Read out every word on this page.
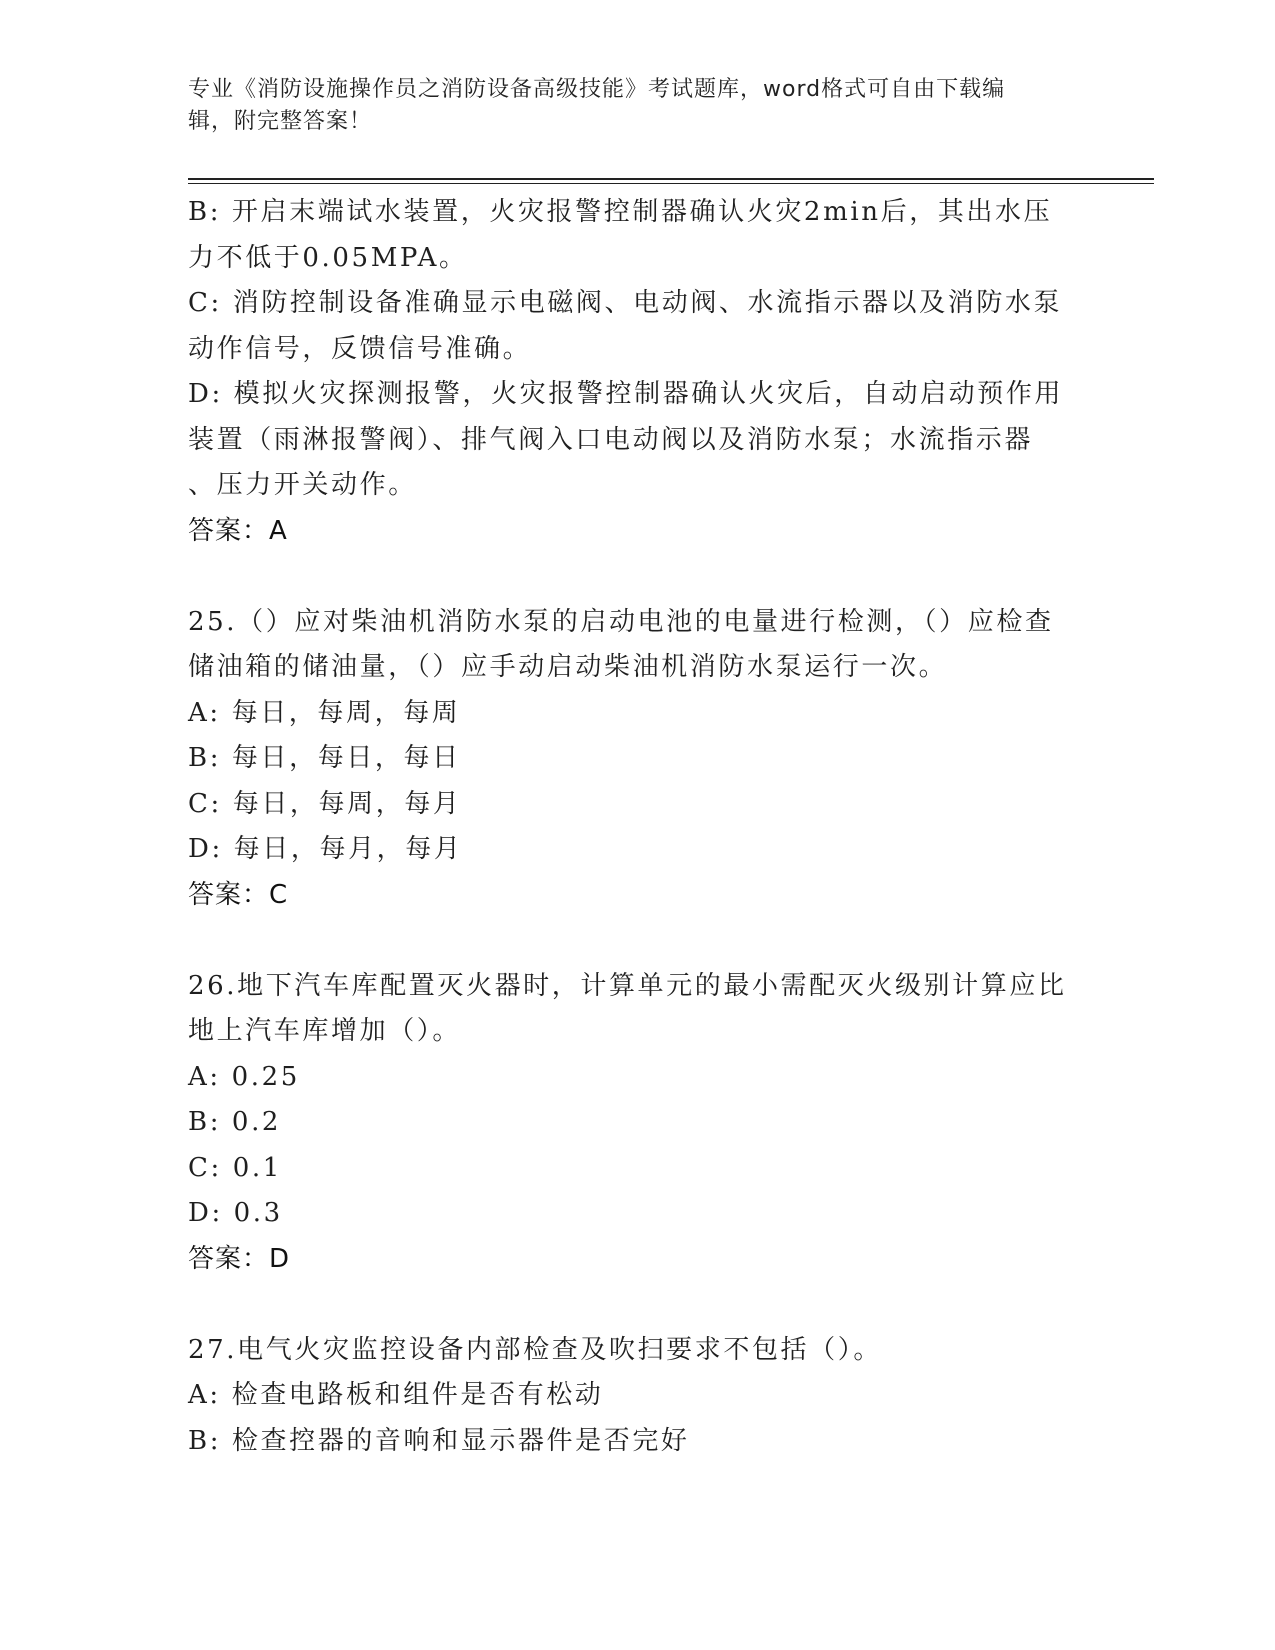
专业《消防设施操作员之消防设备高级技能》考试题库，word格式可自由下载编
辑，附完整答案！
B: 开启末端试水装置，火灾报警控制器确认火灾2min后，其出水压
力不低于0.05MPA。
C: 消防控制设备准确显示电磁阀、电动阀、水流指示器以及消防水泵
动作信号，反馈信号准确。
D: 模拟火灾探测报警，火灾报警控制器确认火灾后，自动启动预作用
装置（雨淋报警阀）、排气阀入口电动阀以及消防水泵；水流指示器
、压力开关动作。
答案：A
25.（）应对柴油机消防水泵的启动电池的电量进行检测，（）应检查
储油箱的储油量，（）应手动启动柴油机消防水泵运行一次。
A: 每日，每周，每周
B: 每日，每日，每日
C: 每日，每周，每月
D: 每日，每月，每月
答案：C
26.地下汽车库配置灭火器时，计算单元的最小需配灭火级别计算应比
地上汽车库增加（）。
A: 0.25
B: 0.2
C: 0.1
D: 0.3
答案：D
27.电气火灾监控设备内部检查及吹扫要求不包括（）。
A: 检查电路板和组件是否有松动
B: 检查控器的音响和显示器件是否完好
